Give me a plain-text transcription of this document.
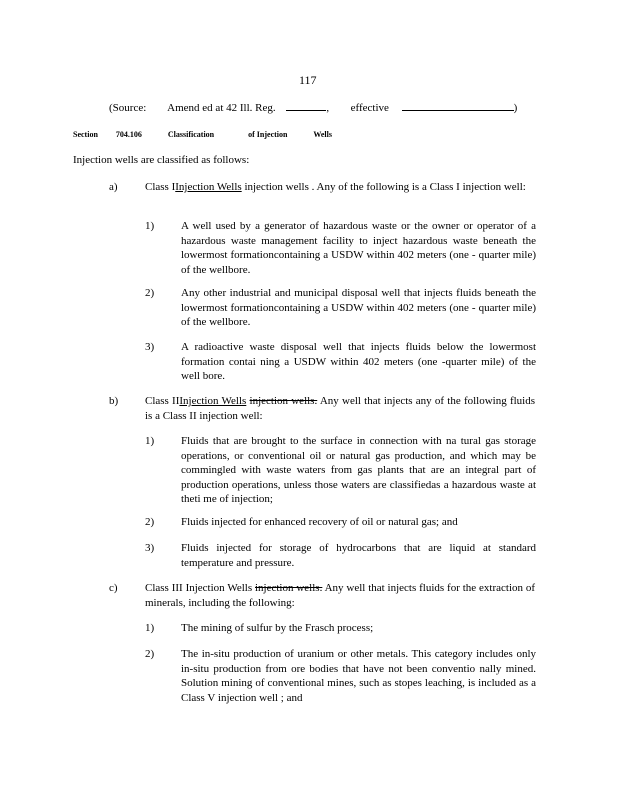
117
(Source: Amend ed at 42 Ill. Reg.	, effective	)
Section 704.106	Classification	of Injection	Wells
Injection wells are classified as follows:
a) Class IInjection Wells injection wells . Any of the following is a Class I injection well:
1) A well used by a generator of hazardous waste or the owner or operator of a hazardous waste management facility to inject hazardous waste beneath the lowermost formationcontaining a USDW within 402 meters (one - quarter mile) of the wellbore.
2) Any other industrial and municipal disposal well that injects fluids beneath the lowermost formationcontaining a USDW within 402 meters (one - quarter mile) of the wellbore.
3) A radioactive waste disposal well that injects fluids below the lowermost formation contai ning a USDW within 402 meters (one -quarter mile) of the well bore.
b) Class IIInjection Wells injection wells. Any well that injects any of the following fluids is a Class II injection well:
1) Fluids that are brought to the surface in connection with na tural gas storage operations, or conventional oil or natural gas production, and which may be commingled with waste waters from gas plants that are an integral part of production operations, unless those waters are classifiedas a hazardous waste at theti me of injection;
2) Fluids injected for enhanced recovery of oil or natural gas; and
3) Fluids injected for storage of hydrocarbons that are liquid at standard temperature and pressure.
c) Class III Injection Wells injection wells. Any well that injects fluids for the extraction of minerals, including the following:
1) The mining of sulfur by the Frasch process;
2) The in-situ production of uranium or other metals. This category includes only in-situ production from ore bodies that have not been conventio nally mined. Solution mining of conventional mines, such as stopes leaching, is included as a Class V injection well ; and
